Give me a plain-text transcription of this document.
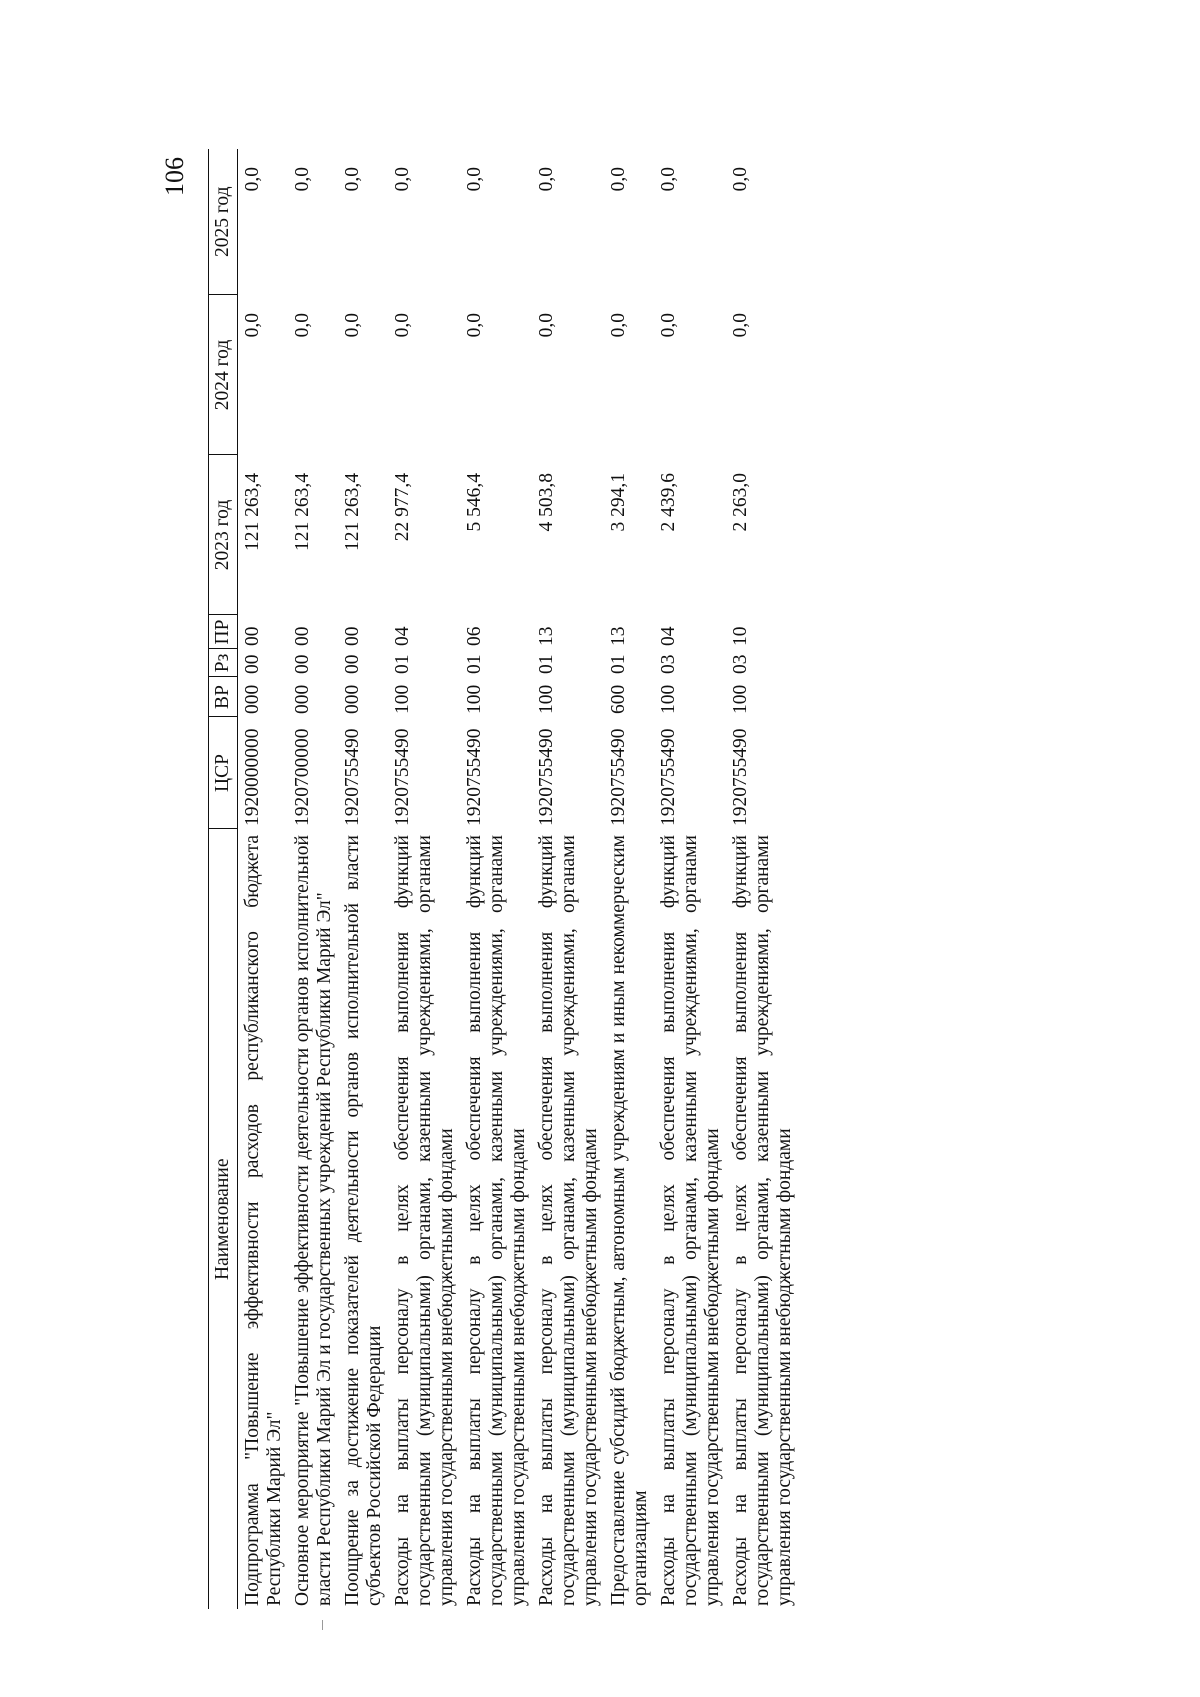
106
Наименование	ЦСР	ВР	Рз	ПР	2023 год	2024 год	2025 год
Подпрограмма "Повышение эффективности расходов республиканского бюджета Республики Марий Эл"	1920000000	000	00	00	121 263,4	0,0	0,0
Основное мероприятие "Повышение эффективности деятельности органов исполнительной власти Республики Марий Эл и государственных учреждений Республики Марий Эл"	1920700000	000	00	00	121 263,4	0,0	0,0
Поощрение за достижение показателей деятельности органов исполнительной власти субъектов Российской Федерации	1920755490	000	00	00	121 263,4	0,0	0,0
Расходы на выплаты персоналу в целях обеспечения выполнения функций государственными (муниципальными) органами, казенными учреждениями, органами управления государственными внебюджетными фондами	1920755490	100	01	04	22 977,4	0,0	0,0
Расходы на выплаты персоналу в целях обеспечения выполнения функций государственными (муниципальными) органами, казенными учреждениями, органами управления государственными внебюджетными фондами	1920755490	100	01	06	5 546,4	0,0	0,0
Расходы на выплаты персоналу в целях обеспечения выполнения функций государственными (муниципальными) органами, казенными учреждениями, органами управления государственными внебюджетными фондами	1920755490	100	01	13	4 503,8	0,0	0,0
Предоставление субсидий бюджетным, автономным учреждениям и иным некоммерческим организациям	1920755490	600	01	13	3 294,1	0,0	0,0
Расходы на выплаты персоналу в целях обеспечения выполнения функций государственными (муниципальными) органами, казенными учреждениями, органами управления государственными внебюджетными фондами	1920755490	100	03	04	2 439,6	0,0	0,0
Расходы на выплаты персоналу в целях обеспечения выполнения функций государственными (муниципальными) органами, казенными учреждениями, органами управления государственными внебюджетными фондами	1920755490	100	03	10	2 263,0	0,0	0,0
